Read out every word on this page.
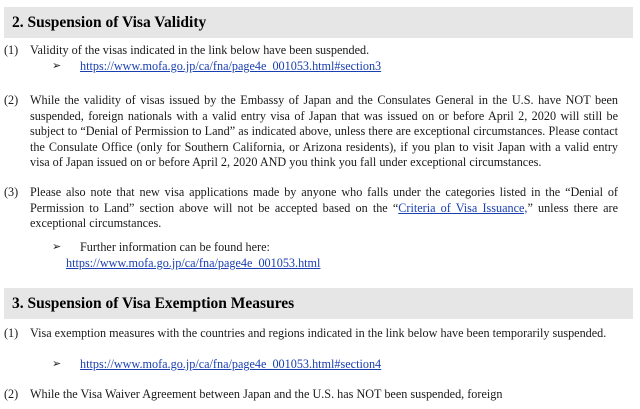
2. Suspension of Visa Validity
(1) Validity of the visas indicated in the link below have been suspended.
➢ https://www.mofa.go.jp/ca/fna/page4e_001053.html#section3
(2) While the validity of visas issued by the Embassy of Japan and the Consulates General in the U.S. have NOT been suspended, foreign nationals with a valid entry visa of Japan that was issued on or before April 2, 2020 will still be subject to “Denial of Permission to Land” as indicated above, unless there are exceptional circumstances. Please contact the Consulate Office (only for Southern California, or Arizona residents), if you plan to visit Japan with a valid entry visa of Japan issued on or before April 2, 2020 AND you think you fall under exceptional circumstances.
(3) Please also note that new visa applications made by anyone who falls under the categories listed in the “Denial of Permission to Land” section above will not be accepted based on the “Criteria of Visa Issuance,” unless there are exceptional circumstances.
➢ Further information can be found here:
https://www.mofa.go.jp/ca/fna/page4e_001053.html
3. Suspension of Visa Exemption Measures
(1) Visa exemption measures with the countries and regions indicated in the link below have been temporarily suspended.
➢ https://www.mofa.go.jp/ca/fna/page4e_001053.html#section4
(2) While the Visa Waiver Agreement between Japan and the U.S. has NOT been suspended, foreign
